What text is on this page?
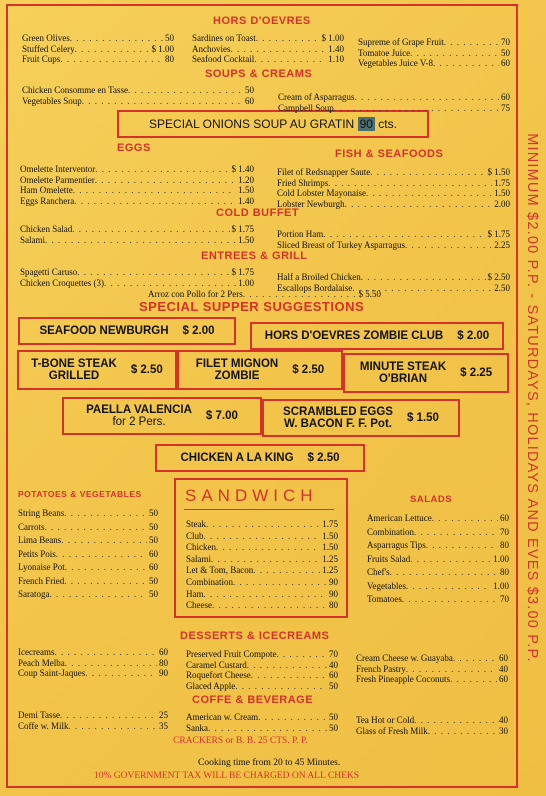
MINIMUM $2.00 P.P. - SATURDAYS, HOLIDAYS AND EVES $3.00 P.P.
HORS D'OEVRES
SOUPS & CREAMS
SPECIAL ONIONS SOUP AU GRATIN
90
cts.
EGGS	FISH & SEAFOODS
COLD BUFFET
ENTREES & GRILL
Arroz con Pollo for 2 Pers . . .	$ 5.50
SPECIAL SUPPER SUGGESTIONS
SEAFOOD NEWBURGH $ 2.00	HORS D'OEVRES ZOMBIE CLUB $ 2.00
T-BONE STEAK
GRILLED	$ 2.50	FILET MIGNON
ZOMBIE	$ 2.50	MINUTE STEAK
O'BRIAN	$ 2.25
PAELLA VALENCIA
for 2 Pers.	$ 7.00	SCRAMBLED EGGS
W. BACON F. F. Pot. $ 1.50
CHICKEN A LA KING $ 2.50
POTATOES & VEGETABLES	SANDWICH	SALADS
DESSERTS & ICECREAMS
COFFE & BEVERAGE
CRACKERS or B. B. 25 CTS. P. P.
Cooking time from 20 to 45 Minutes.
10% GOVERNMENT TAX WILL BE CHARGED ON ALL CHEKS
Green Olives . . .	50
Stuffed Celery . . .	$ 1.00
Fruit Cups . . .	80
Sardines on Toast . . .	$ 1.00
Anchovies . . .	1.40
Seafood Cocktail . . .	1.10
Supreme of Grape Fruit . . .	70
Tomatoe Juice . . .	50
Vegetables Juice V-8 . . .	60
Chicken Consomme en Tasse . . .	50
Vegetables Soup . . .	60	Cream of Asparragus . . .	60
Campbell Soup . . .	75
Omelette Interventor . . .	$ 1.40
Omelette Parmentier . . .	1.20
Ham Omelette . . .	1.50
Eggs Ranchera . . .	1.40
Filet of Redsnapper Saute . . .	$ 1.50
Fried Shrimps . . .	1.75
Cold Lobster Mayonaise . . .	1.50
Lobster Newburgh . . .	2.00
Chicken Salad . . .	$ 1.75
Salami . . .	1.50
Portion Ham . . .	$ 1.75
Sliced Breast of Turkey Asparragus . . .	2.25
Spagetti Caruso . . .	$ 1.75
Chicken Croquettes (3) . . .	1.00
Half a Broiled Chicken . . .	$ 2.50
Escallops Bordalaise . . .	2.50
String Beans . . .	50
Carrots . . .	50
Lima Beans . . .	50
Petits Pois . . .	60
Lyonaise Pot . . .	60
French Fried . . .	50
Saratoga . . .	50
Steak . . .	1.75
Club . . .	1.50
Chicken . . .	1.50
Salami . . .	1.25
Let & Tom, Bacon . . .	1.25
Combination . . .	90
Ham . . .	90
Cheese . . .	80
American Lettuce . . .	60
Combination . . .	70
Asparragus Tips . . .	80
Fruits Salad . . .	1.00
Chef's . . .	80
Vegetables . . .	1.00
Tomatoes . . .	70
Icecreams . . .	60
Peach Melba . . .	80
Coup Saint-Jaques . . .	90
Preserved Fruit Compote . . .	70
Caramel Custard . . .	40
Roquefort Cheese . . .	60
Glaced Apple . . .	50
Cream Cheese w. Guayaba . . .	60
French Pastry . . .	40
Fresh Pineapple Coconuts . . .	60
Demi Tasse . . .	25
Coffe w. Milk . . .	35
American w. Cream . . .	50
Sanka . . .	50
Tea Hot or Cold . . .	40
Glass of Fresh Milk . . .	30
